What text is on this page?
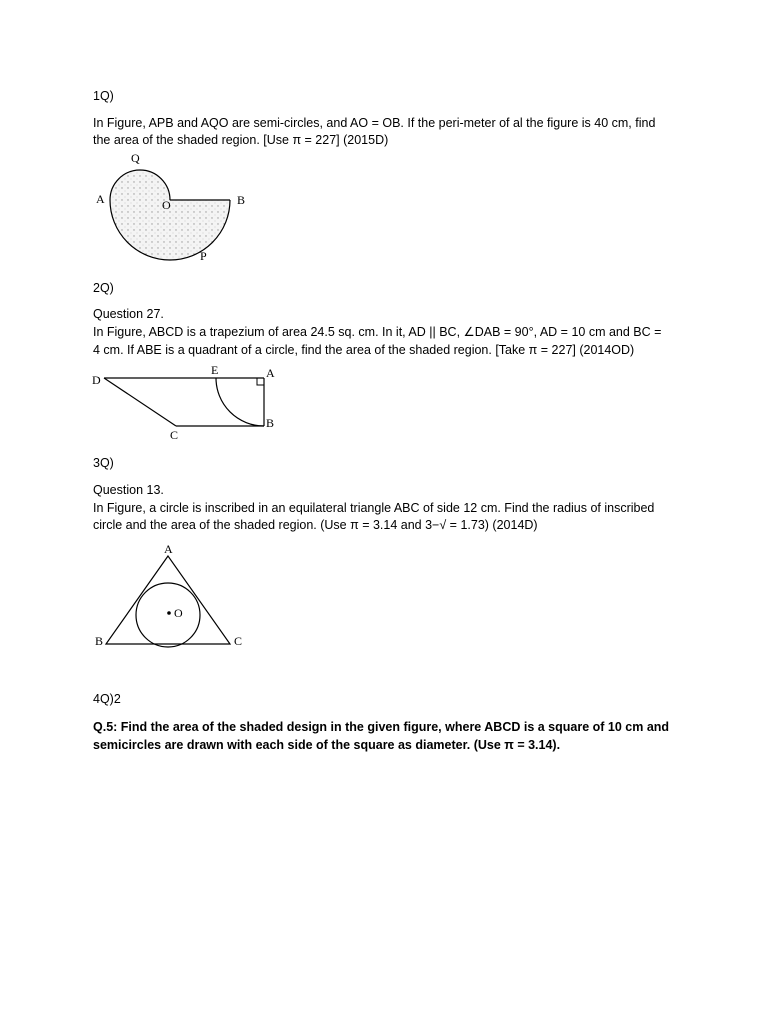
1Q)
In Figure, APB and AQO are semi-circles, and AO = OB. If the peri-meter of al the figure is 40 cm, find
the area of the shaded region. [Use π = 227] (2015D)
Q
A	O	B
P
2Q)
Question 27.
In Figure, ABCD is a trapezium of area 24.5 sq. cm. In it, AD || BC, ∠DAB = 90°, AD = 10 cm and BC =
4 cm. If ABE is a quadrant of a circle, find the area of the shaded region. [Take π = 227] (2014OD)
D
E	A
B
C
3Q)
Question 13.
In Figure, a circle is inscribed in an equilateral triangle ABC of side 12 cm. Find the radius of inscribed
circle and the area of the shaded region. (Use π = 3.14 and 3−√ = 1.73) (2014D)
A
O
B	C
4Q)2
Q.5: Find the area of the shaded design in the given figure, where ABCD is a square of 10 cm and
semicircles are drawn with each side of the square as diameter. (Use π = 3.14).
